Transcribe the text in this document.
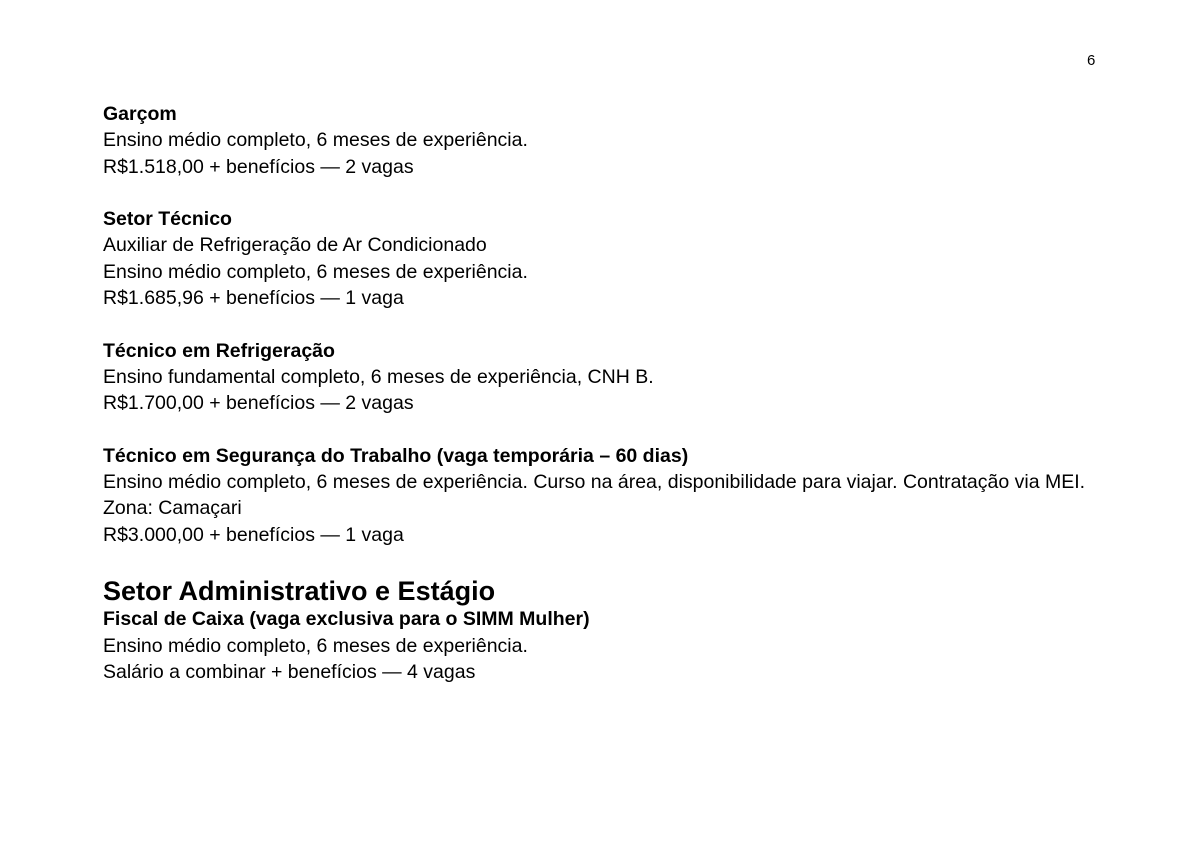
6
Garçom
Ensino médio completo, 6 meses de experiência.
R$1.518,00 + benefícios — 2 vagas
Setor Técnico
Auxiliar de Refrigeração de Ar Condicionado
Ensino médio completo, 6 meses de experiência.
R$1.685,96 + benefícios — 1 vaga
Técnico em Refrigeração
Ensino fundamental completo, 6 meses de experiência, CNH B.
R$1.700,00 + benefícios — 2 vagas
Técnico em Segurança do Trabalho (vaga temporária – 60 dias)
Ensino médio completo, 6 meses de experiência. Curso na área, disponibilidade para viajar. Contratação via MEI.
Zona: Camaçari
R$3.000,00 + benefícios — 1 vaga
Setor Administrativo e Estágio
Fiscal de Caixa (vaga exclusiva para o SIMM Mulher)
Ensino médio completo, 6 meses de experiência.
Salário a combinar + benefícios — 4 vagas
